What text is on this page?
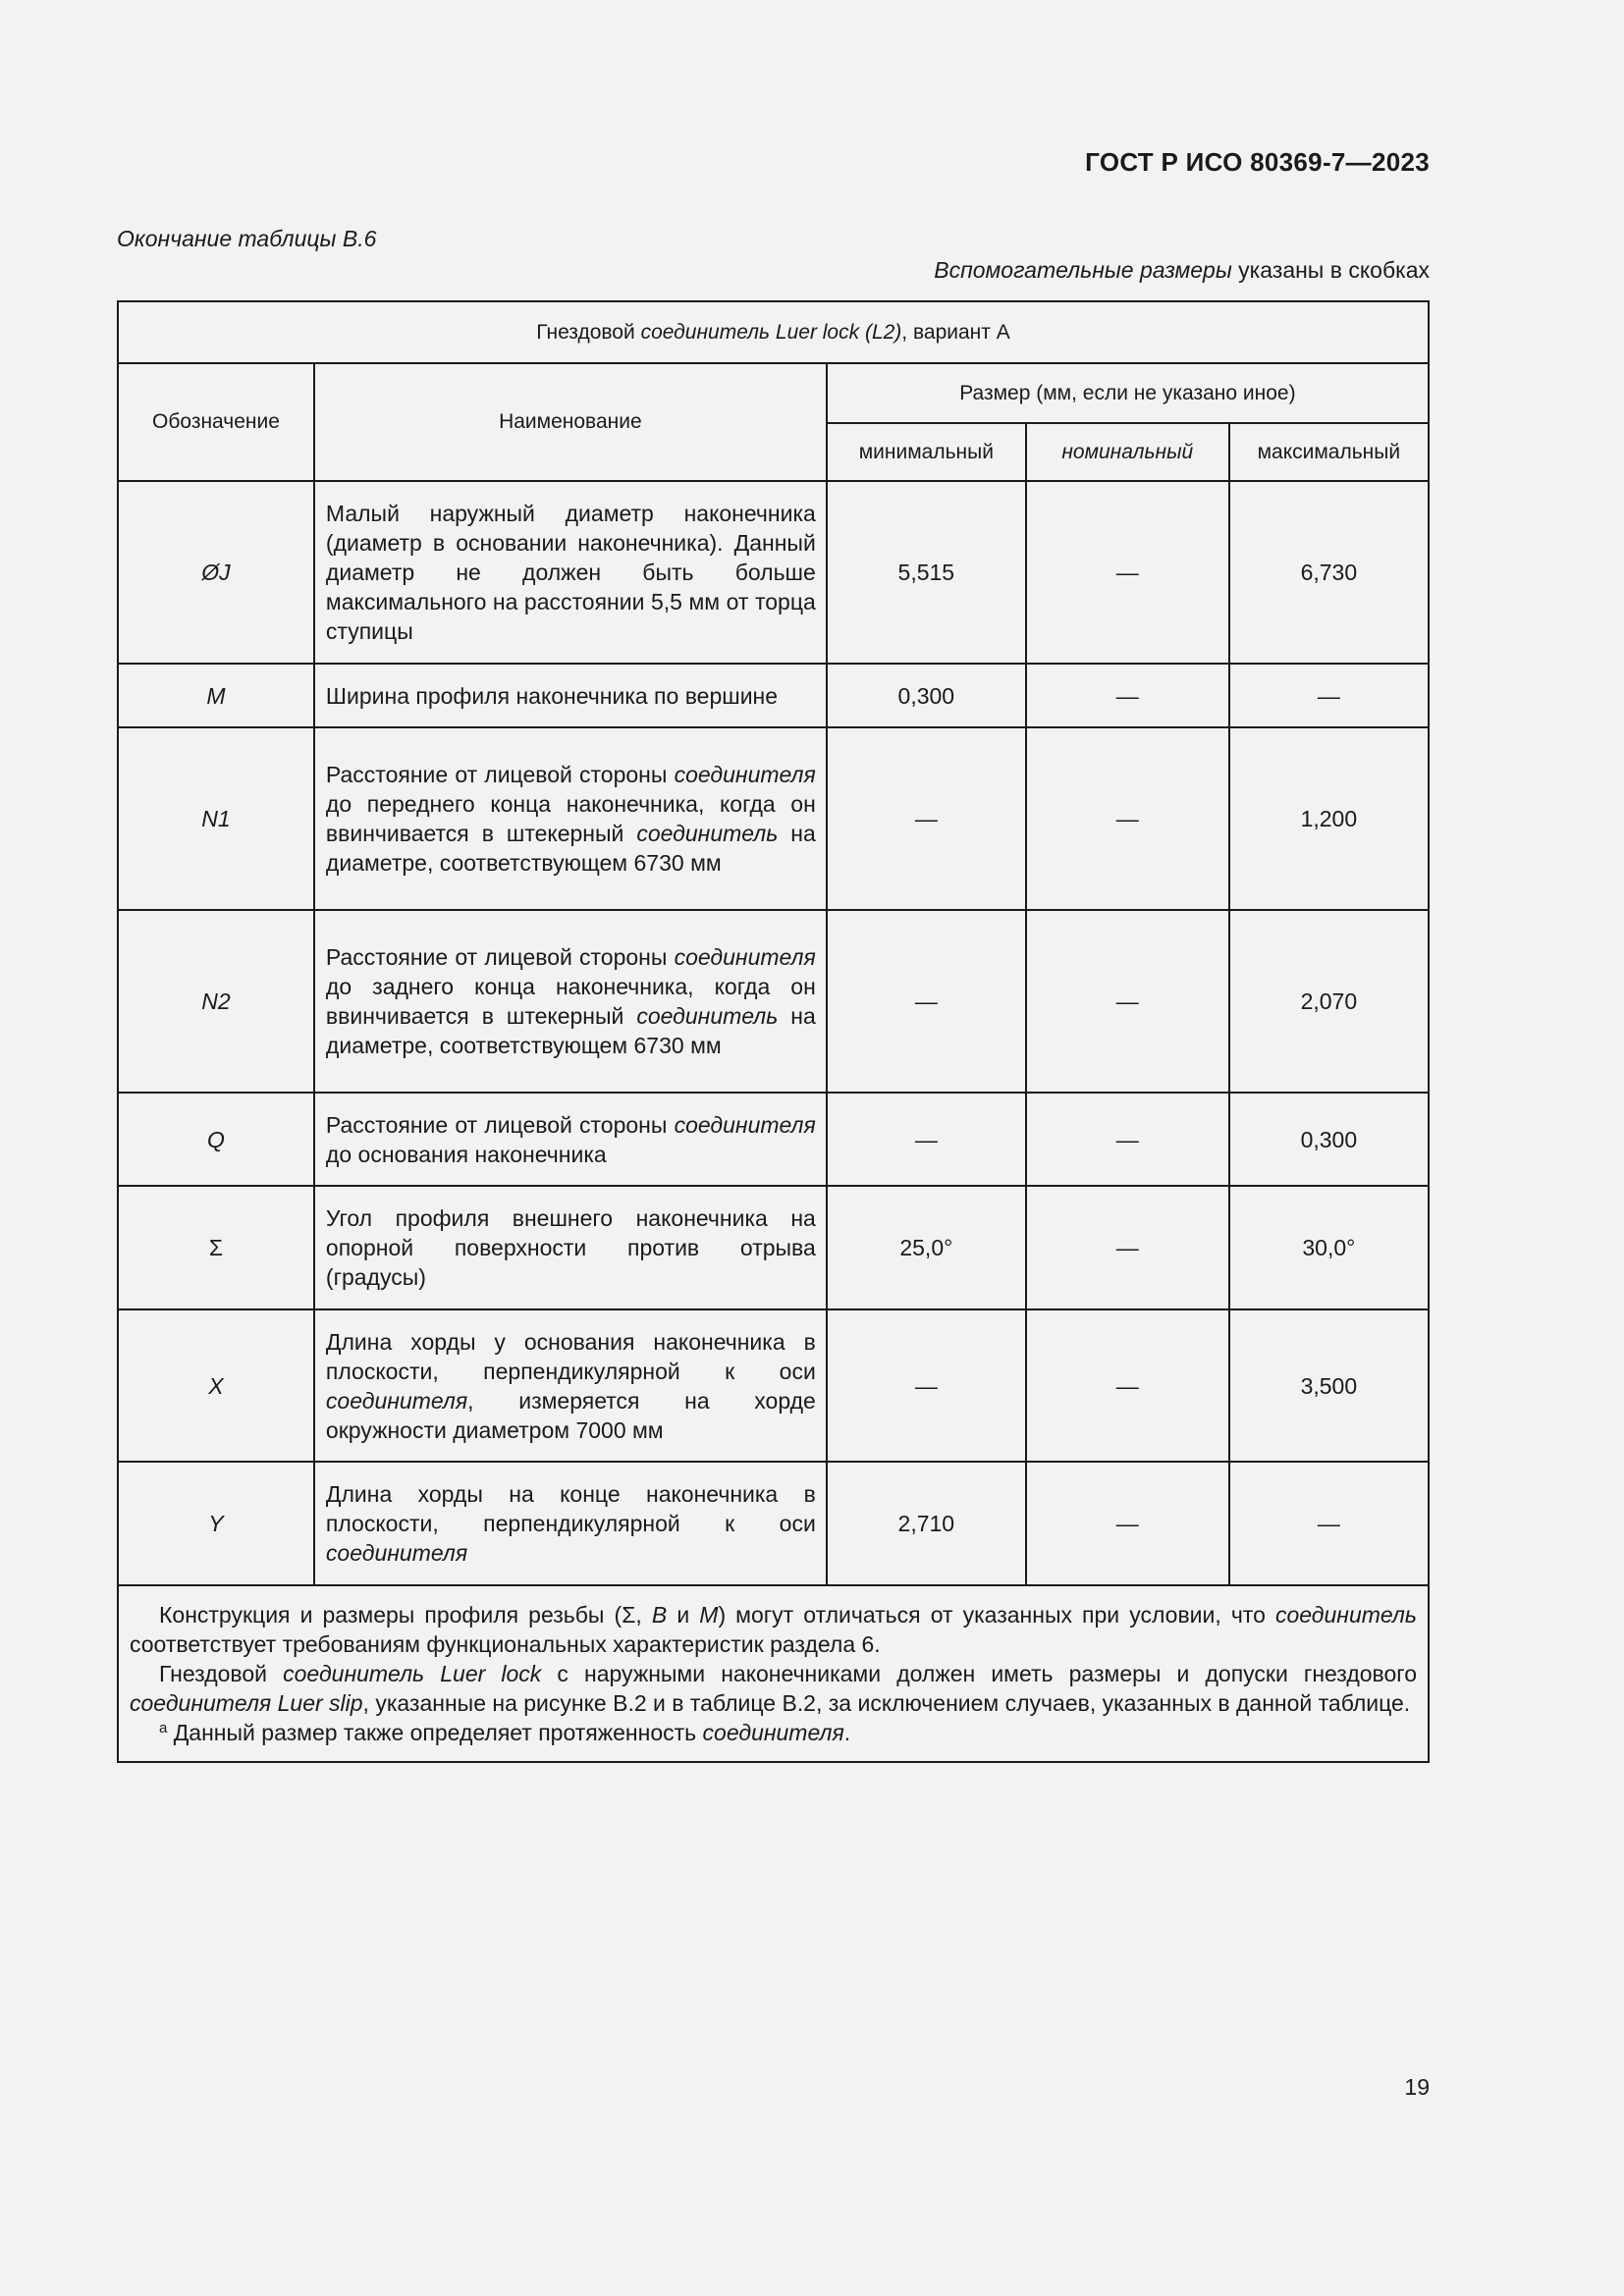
ГОСТ Р ИСО 80369-7—2023
Окончание таблицы В.6
Вспомогательные размеры указаны в скобках
Гнездовой соединитель Luer lock (L2), вариант А				
Обозначение	Наименование	Размер (мм, если не указано иное)		
		минимальный	номинальный	максимальный
ØJ	Малый наружный диаметр наконечника (диаметр в основании наконечника). Данный диаметр не должен быть больше максимального на расстоянии 5,5 мм от торца ступицы	5,515	—	6,730
M	Ширина профиля наконечника по вершине	0,300	—	—
N1	Расстояние от лицевой стороны соединителя до переднего конца наконечника, когда он ввинчивается в штекерный соединитель на диаметре, соответствующем 6730 мм	—	—	1,200
N2	Расстояние от лицевой стороны соединителя до заднего конца наконечника, когда он ввинчивается в штекерный соединитель на диаметре, соответствующем 6730 мм	—	—	2,070
Q	Расстояние от лицевой стороны соединителя до основания наконечника	—	—	0,300
Σ	Угол профиля внешнего наконечника на опорной поверхности против отрыва (градусы)	25,0°	—	30,0°
X	Длина хорды у основания наконечника в плоскости, перпендикулярной к оси соединителя, измеряется на хорде окружности диаметром 7000 мм	—	—	3,500
Y	Длина хорды на конце наконечника в плоскости, перпендикулярной к оси соединителя	2,710	—	—

Конструкция и размеры профиля резьбы (Σ, B и M) могут отличаться от указанных при условии, что соединитель соответствует требованиям функциональных характеристик раздела 6.

Гнездовой соединитель Luer lock с наружными наконечниками должен иметь размеры и допуски гнездового соединителя Luer slip, указанные на рисунке В.2 и в таблице В.2, за исключением случаев, указанных в данной таблице.

$^a$ Данный размер также определяет протяженность соединителя.				

19
